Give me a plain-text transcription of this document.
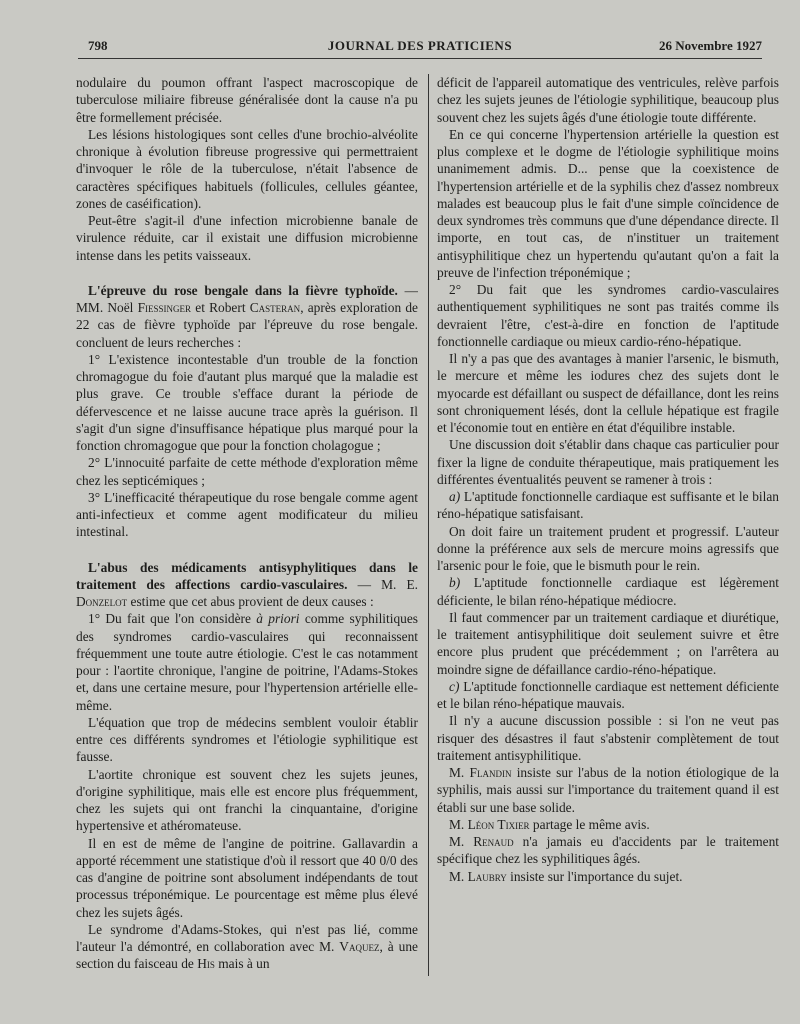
798	JOURNAL DES PRATICIENS	26 Novembre 1927

nodulaire du poumon offrant l'aspect macroscopique de tuberculose miliaire fibreuse généralisée dont la cause n'a pu être formellement précisée.

Les lésions histologiques sont celles d'une brochio-alvéolite chronique à évolution fibreuse progressive qui permettraient d'invoquer le rôle de la tuberculose, n'était l'absence de caractères spécifiques habituels (follicules, cellules géantee, zones de caséification).

Peut-être s'agit-il d'une infection microbienne banale de virulence réduite, car il existait une diffusion microbienne intense dans les petits vaisseaux.

L'épreuve du rose bengale dans la fièvre typhoïde. — MM. Noël Fiessinger et Robert Casteran, après exploration de 22 cas de fièvre typhoïde par l'épreuve du rose bengale. concluent de leurs recherches :

1° L'existence incontestable d'un trouble de la fonction chromagogue du foie d'autant plus marqué que la maladie est plus grave. Ce trouble s'efface durant la période de défervescence et ne laisse aucune trace après la guérison. Il s'agit d'un signe d'insuffisance hépatique plus marqué pour la fonction chromagogue que pour la fonction cholagogue ;

2° L'innocuité parfaite de cette méthode d'exploration même chez les septicémiques ;

3° L'inefficacité thérapeutique du rose bengale comme agent anti-infectieux et comme agent modificateur du milieu intestinal.

L'abus des médicaments antisyphylitiques dans le traitement des affections cardio-vasculaires. — M. E. Donzelot estime que cet abus provient de deux causes :

1° Du fait que l'on considère à priori comme syphilitiques des syndromes cardio-vasculaires qui reconnaissent fréquemment une toute autre étiologie. C'est le cas notamment pour : l'aortite chronique, l'angine de poitrine, l'Adams-Stokes et, dans une certaine mesure, pour l'hypertension artérielle elle-même.

L'équation que trop de médecins semblent vouloir établir entre ces différents syndromes et l'étiologie syphilitique est fausse.

L'aortite chronique est souvent chez les sujets jeunes, d'origine syphilitique, mais elle est encore plus fréquemment, chez les sujets qui ont franchi la cinquantaine, d'origine hypertensive et athéromateuse.

Il en est de même de l'angine de poitrine. Gallavardin a apporté récemment une statistique d'où il ressort que 40 0/0 des cas d'angine de poitrine sont absolument indépendants de tout processus tréponémique. Le pourcentage est même plus élevé chez les sujets âgés.

Le syndrome d'Adams-Stokes, qui n'est pas lié, comme l'auteur l'a démontré, en collaboration avec M. Vaquez, à une section du faisceau de His mais à un

déficit de l'appareil automatique des ventricules, relève parfois chez les sujets jeunes de l'étiologie syphilitique, beaucoup plus souvent chez les sujets âgés d'une étiologie toute différente.

En ce qui concerne l'hypertension artérielle la question est plus complexe et le dogme de l'étiologie syphilitique moins unanimement admis. D... pense que la coexistence de l'hypertension artérielle et de la syphilis chez d'assez nombreux malades est beaucoup plus le fait d'une simple coïncidence de deux syndromes très communs que d'une dépendance directe. Il importe, en tout cas, de n'instituer un traitement antisyphilitique chez un hypertendu qu'autant qu'on a fait la preuve de l'infection tréponémique ;

2° Du fait que les syndromes cardio-vasculaires authentiquement syphilitiques ne sont pas traités comme ils devraient l'être, c'est-à-dire en fonction de l'aptitude fonctionnelle cardiaque ou mieux cardio-réno-hépatique.

Il n'y a pas que des avantages à manier l'arsenic, le bismuth, le mercure et même les iodures chez des sujets dont le myocarde est défaillant ou suspect de défaillance, dont les reins sont chroniquement lésés, dont la cellule hépatique est fragile et l'économie tout en entière en état d'équilibre instable.

Une discussion doit s'établir dans chaque cas particulier pour fixer la ligne de conduite thérapeutique, mais pratiquement les différentes éventualités peuvent se ramener à trois :

a) L'aptitude fonctionnelle cardiaque est suffisante et le bilan réno-hépatique satisfaisant.

On doit faire un traitement prudent et progressif. L'auteur donne la préférence aux sels de mercure moins agressifs que l'arsenic pour le foie, que le bismuth pour le rein.

b) L'aptitude fonctionnelle cardiaque est légèrement déficiente, le bilan réno-hépatique médiocre.

Il faut commencer par un traitement cardiaque et diurétique, le traitement antisyphilitique doit seulement suivre et être encore plus prudent que précédemment ; on l'arrêtera au moindre signe de défaillance cardio-réno-hépatique.

c) L'aptitude fonctionnelle cardiaque est nettement déficiente et le bilan réno-hépatique mauvais.

Il n'y a aucune discussion possible : si l'on ne veut pas risquer des désastres il faut s'abstenir complètement de tout traitement antisyphilitique.

M. Flandin insiste sur l'abus de la notion étiologique de la syphilis, mais aussi sur l'importance du traitement quand il est établi sur une base solide.

M. Léon Tixier partage le même avis.

M. Renaud n'a jamais eu d'accidents par le traitement spécifique chez les syphilitiques âgés.

M. Laubry insiste sur l'importance du sujet.
